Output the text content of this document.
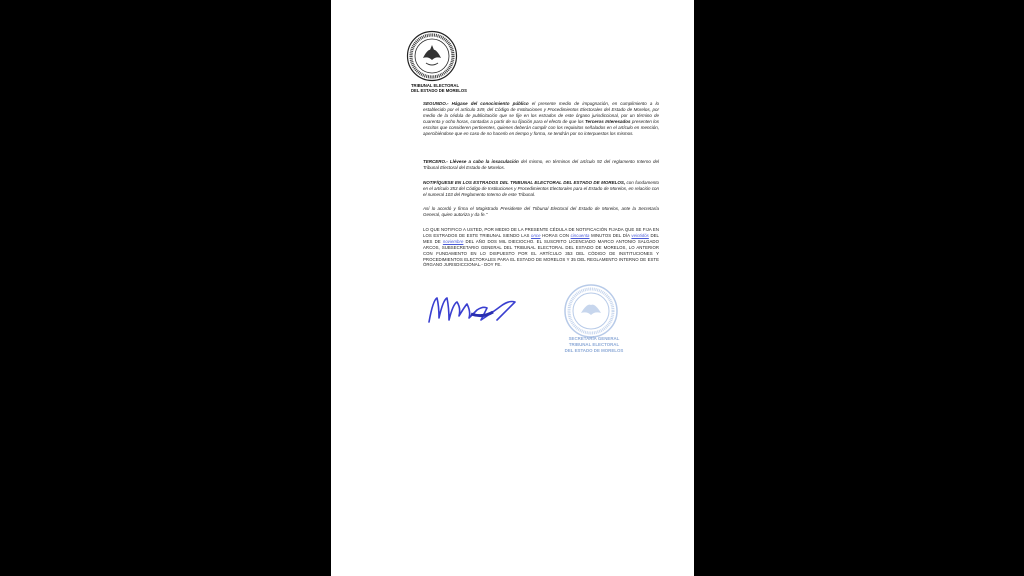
TRIBUNAL ELECTORAL
DEL ESTADO DE MORELOS
SEGUNDO.- Hágase del conocimiento público el presente medio de impugnación, en cumplimiento a lo establecido por el artículo 349, del Código de Instituciones y Procedimientos Electorales del Estado de Morelos, por medio de la cédula de publicitación que se fije en los estrados de este órgano jurisdiccional, por un término de cuarenta y ocho horas, contadas a partir de su fijación para el efecto de que los Terceros Interesados presenten los escritos que consideren pertinentes, quienes deberán cumplir con los requisitos señalados en el artículo en mención, apercibiéndose que en caso de no hacerlo en tiempo y forma, se tendrán por no interpuestos los mismos.
TERCERO.- Llévese a cabo la insaculación del mismo, en términos del artículo 92 del reglamento Interno del Tribunal Electoral del Estado de Morelos.
NOTIFÍQUESE EN LOS ESTRADOS DEL TRIBUNAL ELECTORAL DEL ESTADO DE MORELOS, con fundamento en el artículo 353 del Código de Instituciones y Procedimientos Electorales para el Estado de Morelos, en relación con el numeral 103 del Reglamento Interno de este Tribunal.
Así lo acordó y firma el Magistrado Presidente del Tribunal Electoral del Estado de Morelos, ante la Secretaría General, quien autoriza y da fe."
LO QUE NOTIFICO A USTED, POR MEDIO DE LA PRESENTE CÉDULA DE NOTIFICACIÓN FIJADA QUE SE FIJA EN LOS ESTRADOS DE ESTE TRIBUNAL SIENDO LAS once HORAS CON cincuenta MINUTOS DEL DÍA veintidós DEL MES DE noviembre DEL AÑO DOS MIL DIECIOCHO. EL SUSCRITO LICENCIADO MARCO ANTONIO SALGADO ARCOS, SUBSECRETARIO GENERAL DEL TRIBUNAL ELECTORAL DEL ESTADO DE MORELOS, LO ANTERIOR CON FUNDAMENTO EN LO DISPUESTO POR EL ARTÍCULO 353 DEL CÓDIGO DE INSTITUCIONES Y PROCEDIMIENTOS ELECTORALES PARA EL ESTADO DE MORELOS Y 35 DEL REGLAMENTO INTERNO DE ESTE ÓRGANO JURISDICCIONAL.- DOY FE.
SECRETARÍA GENERAL
TRIBUNAL ELECTORAL
DEL ESTADO DE MORELOS
